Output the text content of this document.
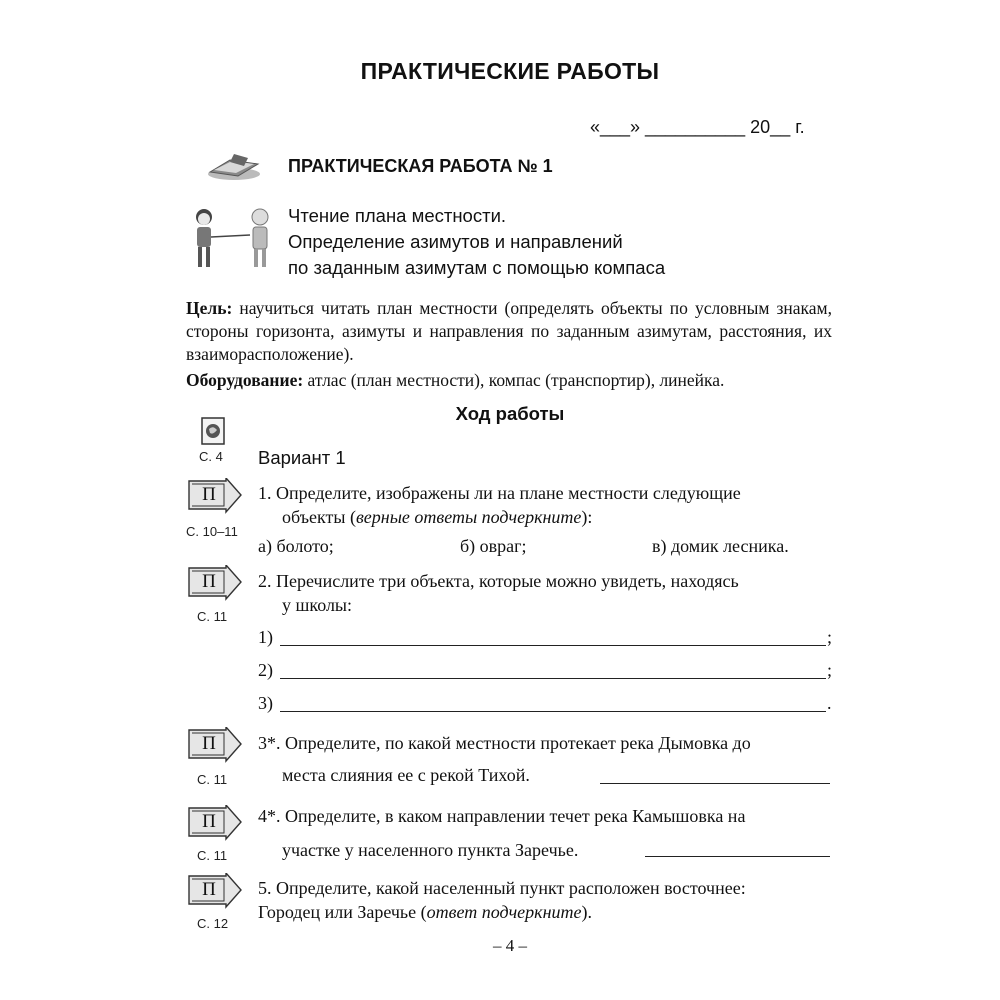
ПРАКТИЧЕСКИЕ РАБОТЫ
«___» __________ 20__ г.
ПРАКТИЧЕСКАЯ РАБОТА № 1
Чтение плана местности.
Определение азимутов и направлений
по заданным азимутам с помощью компаса
Цель: научиться читать план местности (определять объекты по условным знакам, стороны горизонта, азимуты и направления по заданным азимутам, расстояния, их взаиморасположение).
Оборудование: атлас (план местности), компас (транспортир), линейка.
Ход работы
С. 4 Вариант 1
П
С. 10–11
1. Определите, изображены ли на плане местности следующие
объекты (верные ответы подчеркните):
а) болото;	б) овраг;	в) домик лесника.
П
С. 11
2. Перечислите три объекта, которые можно увидеть, находясь
у школы:
1)	;
2)	;
3)	.
П
С. 11
3*. Определите, по какой местности протекает река Дымовка до
места слияния ее с рекой Тихой.
П
С. 11
4*. Определите, в каком направлении течет река Камышовка на
участке у населенного пункта Заречье.
П
С. 12
5. Определите, какой населенный пункт расположен восточнее:
Городец или Заречье (ответ подчеркните).
– 4 –
